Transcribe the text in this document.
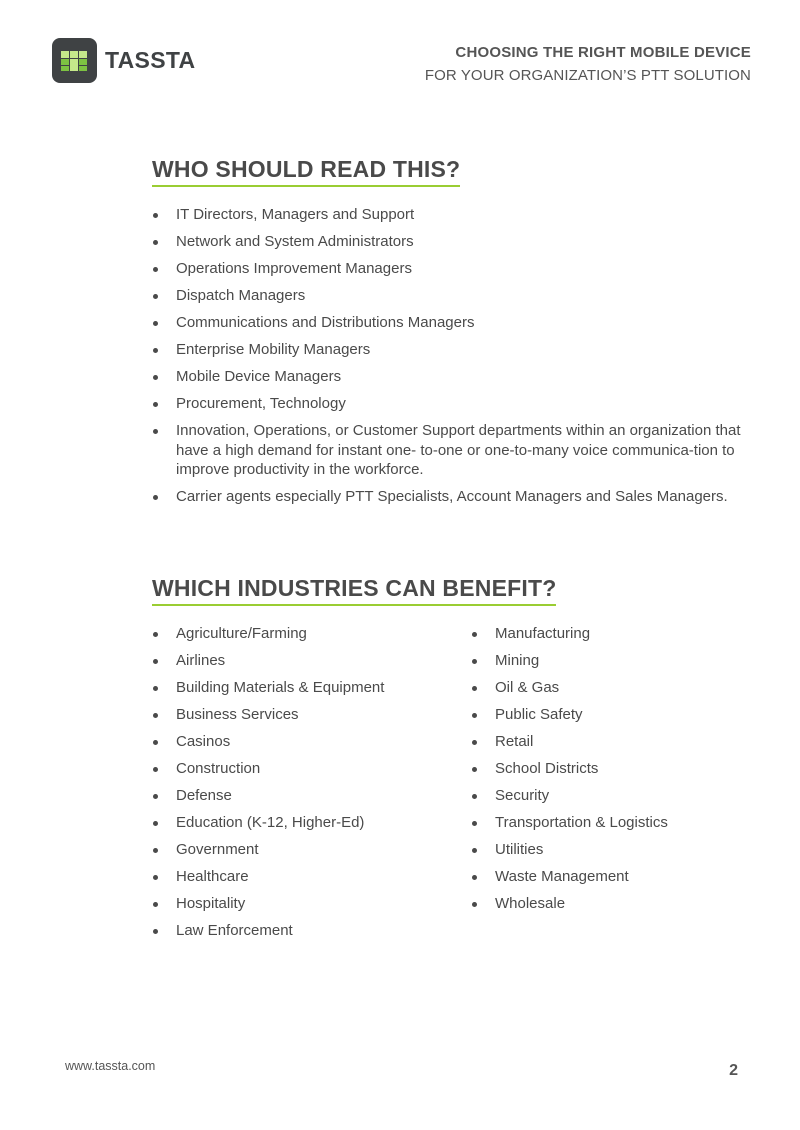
TASSTA	CHOOSING THE RIGHT MOBILE DEVICE
FOR YOUR ORGANIZATION’S PTT SOLUTION
WHO SHOULD READ THIS?
IT Directors, Managers and Support
Network and System Administrators
Operations Improvement Managers
Dispatch Managers
Communications and Distributions Managers
Enterprise Mobility Managers
Mobile Device Managers
Procurement, Technology
Innovation, Operations, or Customer Support departments within an organization that have a high demand for instant one- to-one or one-to-many voice communica-tion to improve productivity in the workforce.
Carrier agents especially PTT Specialists, Account Managers and Sales Managers.
WHICH INDUSTRIES CAN BENEFIT?
Agriculture/Farming
Airlines
Building Materials & Equipment
Business Services
Casinos
Construction
Defense
Education (K-12, Higher-Ed)
Government
Healthcare
Hospitality
Law Enforcement
Manufacturing
Mining
Oil & Gas
Public Safety
Retail
School Districts
Security
Transportation & Logistics
Utilities
Waste Management
Wholesale
www.tassta.com	2
